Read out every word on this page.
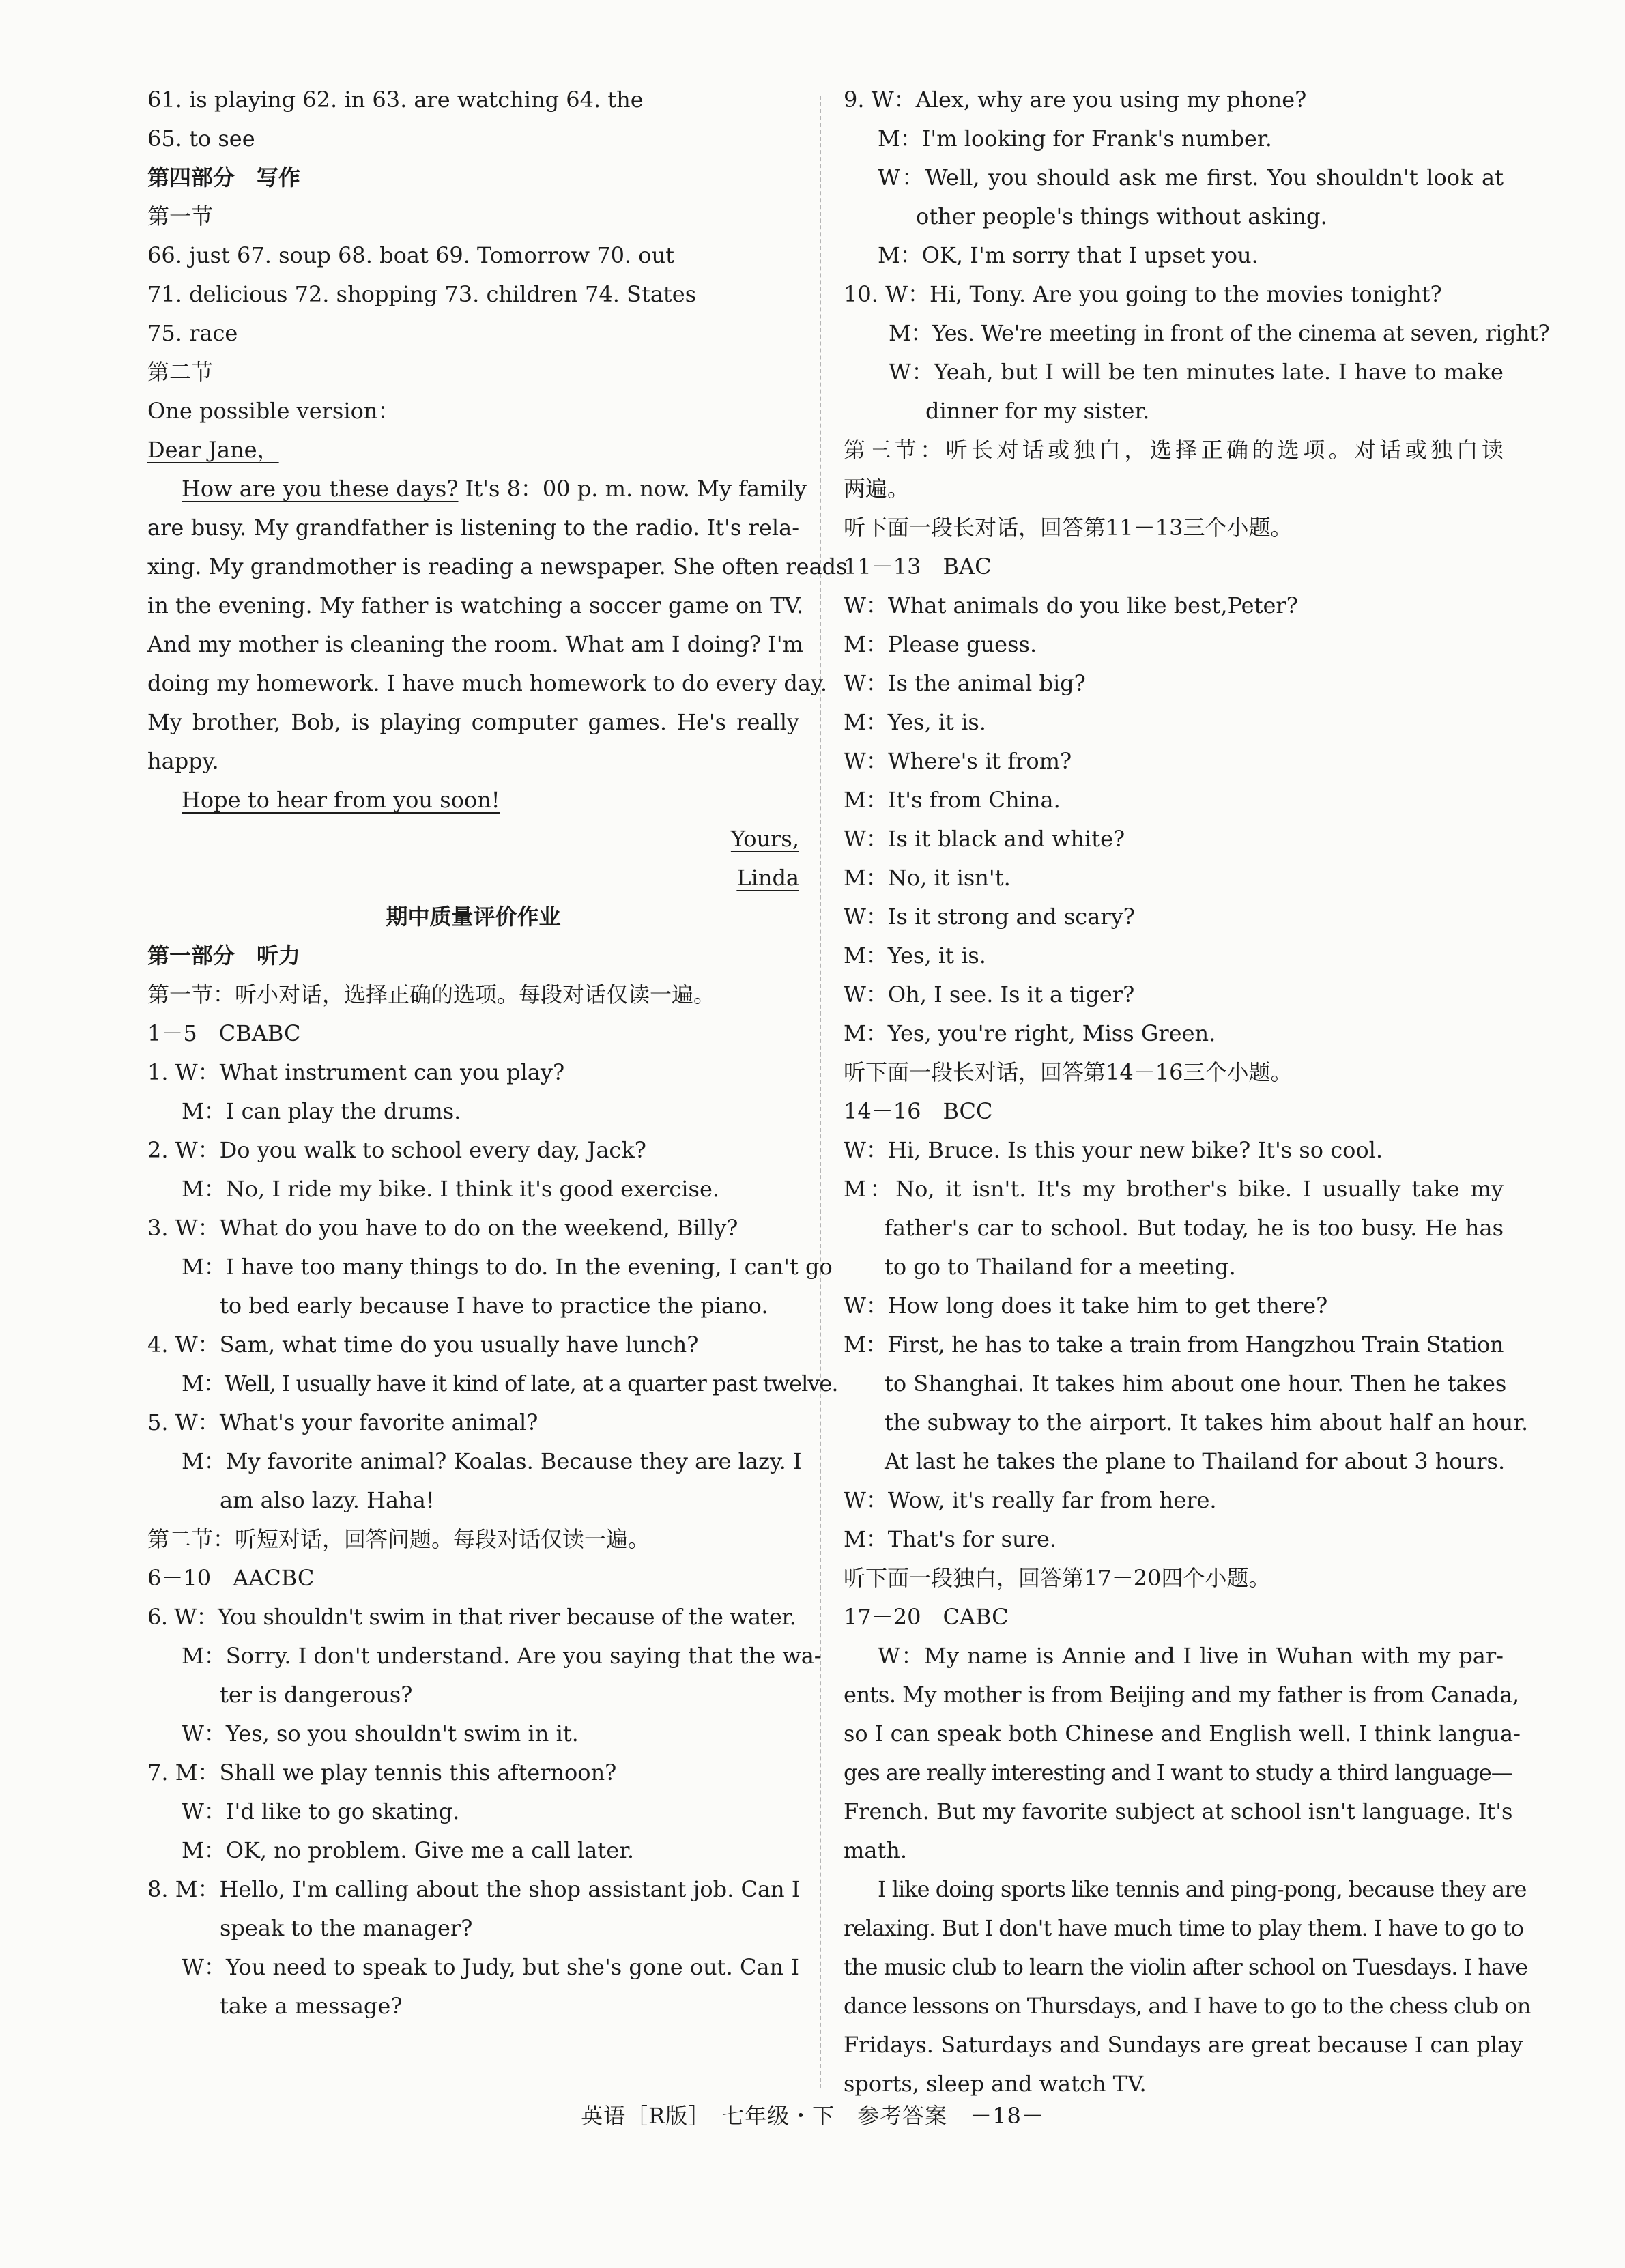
61. is playing 62. in 63. are watching 64. the
65. to see
第四部分　写作
第一节
66. just 67. soup 68. boat 69. Tomorrow 70. out
71. delicious 72. shopping 73. children 74. States
75. race
第二节
One possible version：
Dear Jane，
How are you these days? It's 8：00 p. m. now. My family
are busy. My grandfather is listening to the radio. It's rela-
xing. My grandmother is reading a newspaper. She often reads
in the evening. My father is watching a soccer game on TV.
And my mother is cleaning the room. What am I doing? I'm
doing my homework. I have much homework to do every day.
My brother, Bob, is playing computer games. He's really
happy.
Hope to hear from you soon!
Yours,
Linda
期中质量评价作业
第一部分　听力
第一节：听小对话，选择正确的选项。每段对话仅读一遍。
1－5　CBABC
1. W：What instrument can you play?
M：I can play the drums.
2. W：Do you walk to school every day, Jack?
M：No, I ride my bike. I think it's good exercise.
3. W：What do you have to do on the weekend, Billy?
M：I have too many things to do. In the evening, I can't go
to bed early because I have to practice the piano.
4. W：Sam, what time do you usually have lunch?
M：Well, I usually have it kind of late, at a quarter past twelve.
5. W：What's your favorite animal?
M：My favorite animal? Koalas. Because they are lazy. I
am also lazy. Haha!
第二节：听短对话，回答问题。每段对话仅读一遍。
6－10　AACBC
6. W：You shouldn't swim in that river because of the water.
M：Sorry. I don't understand. Are you saying that the wa-
ter is dangerous?
W：Yes, so you shouldn't swim in it.
7. M：Shall we play tennis this afternoon?
W：I'd like to go skating.
M：OK, no problem. Give me a call later.
8. M：Hello, I'm calling about the shop assistant job. Can I
speak to the manager?
W：You need to speak to Judy, but she's gone out. Can I
take a message?
9. W：Alex, why are you using my phone?
M：I'm looking for Frank's number.
W：Well, you should ask me first. You shouldn't look at
other people's things without asking.
M：OK, I'm sorry that I upset you.
10. W：Hi, Tony. Are you going to the movies tonight?
M：Yes. We're meeting in front of the cinema at seven, right?
W：Yeah, but I will be ten minutes late. I have to make
dinner for my sister.
第三节：听长对话或独白，选择正确的选项。对话或独白读
两遍。
听下面一段长对话，回答第11－13三个小题。
11－13　BAC
W：What animals do you like best,Peter?
M：Please guess.
W：Is the animal big?
M：Yes, it is.
W：Where's it from?
M：It's from China.
W：Is it black and white?
M：No, it isn't.
W：Is it strong and scary?
M：Yes, it is.
W：Oh, I see. Is it a tiger?
M：Yes, you're right, Miss Green.
听下面一段长对话，回答第14－16三个小题。
14－16　BCC
W：Hi, Bruce. Is this your new bike? It's so cool.
M：No, it isn't. It's my brother's bike. I usually take my
father's car to school. But today, he is too busy. He has
to go to Thailand for a meeting.
W：How long does it take him to get there?
M：First, he has to take a train from Hangzhou Train Station
to Shanghai. It takes him about one hour. Then he takes
the subway to the airport. It takes him about half an hour.
At last he takes the plane to Thailand for about 3 hours.
W：Wow, it's really far from here.
M：That's for sure.
听下面一段独白，回答第17－20四个小题。
17－20　CABC
W：My name is Annie and I live in Wuhan with my par-
ents. My mother is from Beijing and my father is from Canada,
so I can speak both Chinese and English well. I think langua-
ges are really interesting and I want to study a third language—
French. But my favorite subject at school isn't language. It's
math.
I like doing sports like tennis and ping-pong, because they are
relaxing. But I don't have much time to play them. I have to go to
the music club to learn the violin after school on Tuesdays. I have
dance lessons on Thursdays, and I have to go to the chess club on
Fridays. Saturdays and Sundays are great because I can play
sports, sleep and watch TV.
英语［R版］　七年级・下　参考答案　－18－
